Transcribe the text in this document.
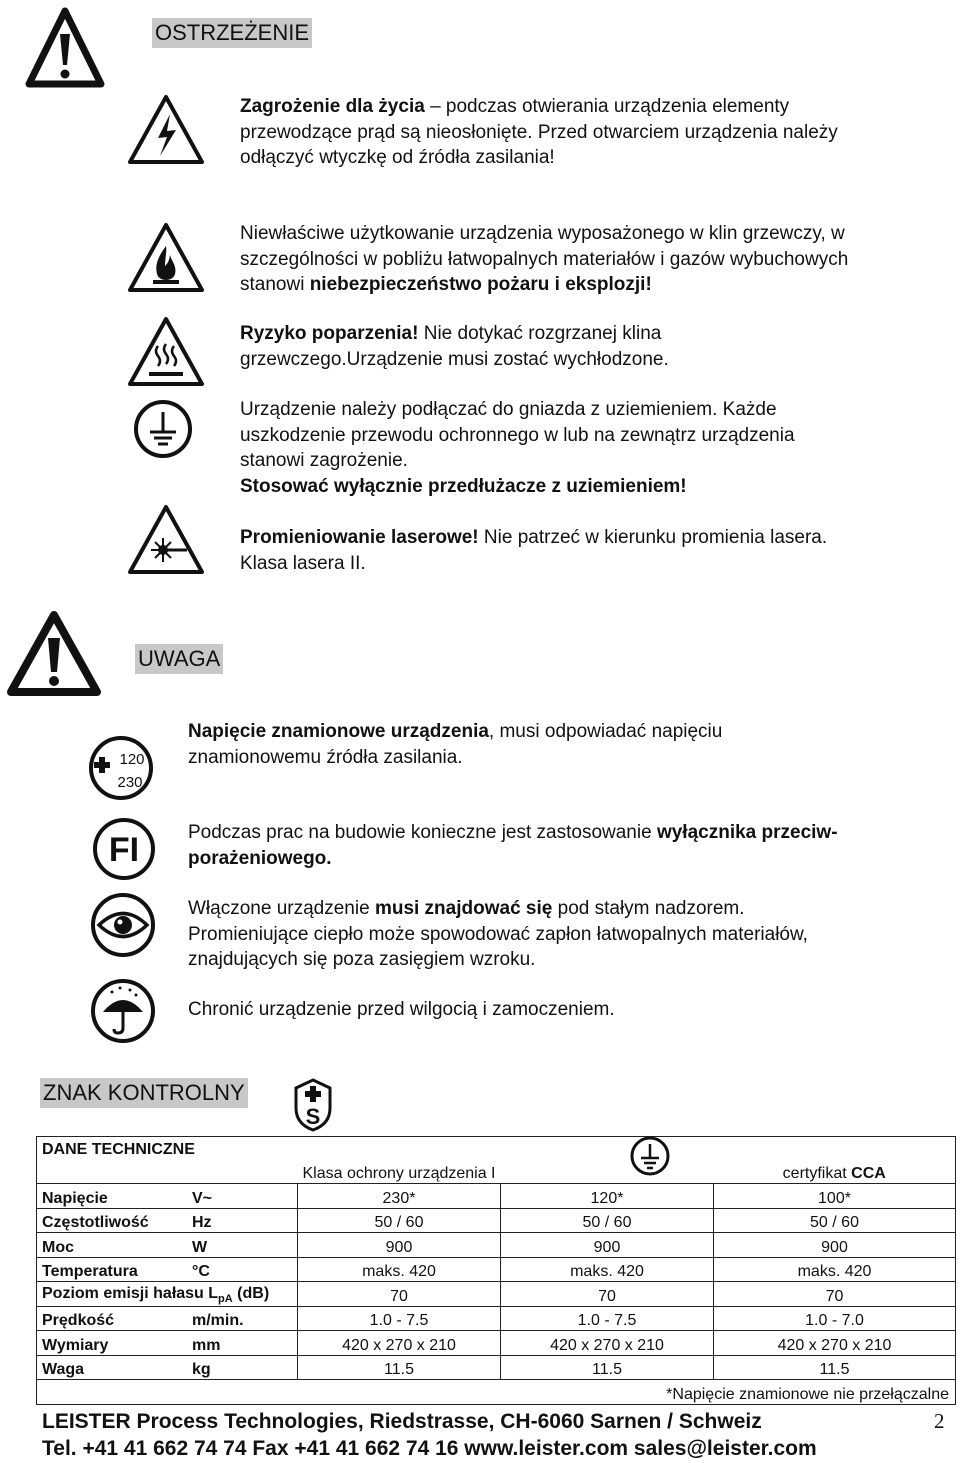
OSTRZEŻENIE
Zagrożenie dla życia – podczas otwierania urządzenia elementy
przewodzące prąd są nieosłonięte. Przed otwarciem urządzenia należy
odłączyć wtyczkę od źródła zasilania!
Niewłaściwe użytkowanie urządzenia wyposażonego w klin grzewczy, w
szczególności w pobliżu łatwopalnych materiałów i gazów wybuchowych
stanowi niebezpieczeństwo pożaru i eksplozji!
Ryzyko poparzenia! Nie dotykać rozgrzanej klina
grzewczego.Urządzenie musi zostać wychłodzone.
Urządzenie należy podłączać do gniazda z uziemieniem. Każde
uszkodzenie przewodu ochronnego w lub na zewnątrz urządzenia
stanowi zagrożenie.
Stosować wyłącznie przedłużacze z uziemieniem!
Promieniowanie laserowe! Nie patrzeć w kierunku promienia lasera.
Klasa lasera II.
UWAGA
120
230
Napięcie znamionowe urządzenia, musi odpowiadać napięciu
znamionowemu źródła zasilania.
FI	Podczas prac na budowie konieczne jest zastosowanie wyłącznika przeciw-
porażeniowego.
Włączone urządzenie musi znajdować się pod stałym nadzorem.
Promieniujące ciepło może spowodować zapłon łatwopalnych materiałów,
znajdujących się poza zasięgiem wzroku.
Chronić urządzenie przed wilgocią i zamoczeniem.
ZNAK KONTROLNY
S
DANE TECHNICZNE		Klasa ochrony urządzenia I		certyfikat CCA
Napięcie	V~	230*	120*	100*
Częstotliwość	Hz	50 / 60	50 / 60	50 / 60
Moc	W	900	900	900
Temperatura	°C	maks. 420	maks. 420	maks. 420
Poziom emisji hałasu $L_{pA}$ (dB)		70	70	70
Prędkość	m/min.	1.0 - 7.5	1.0 - 7.5	1.0 - 7.0
Wymiary	mm	420 x 270 x 210	420 x 270 x 210	420 x 270 x 210
Waga	kg	11.5	11.5	11.5
*Napięcie znamionowe nie przełączalne				
LEISTER Process Technologies, Riedstrasse, CH-6060 Sarnen / Schweiz	2
Tel. +41 41 662 74 74 Fax +41 41 662 74 16 www.leister.com sales@leister.com
